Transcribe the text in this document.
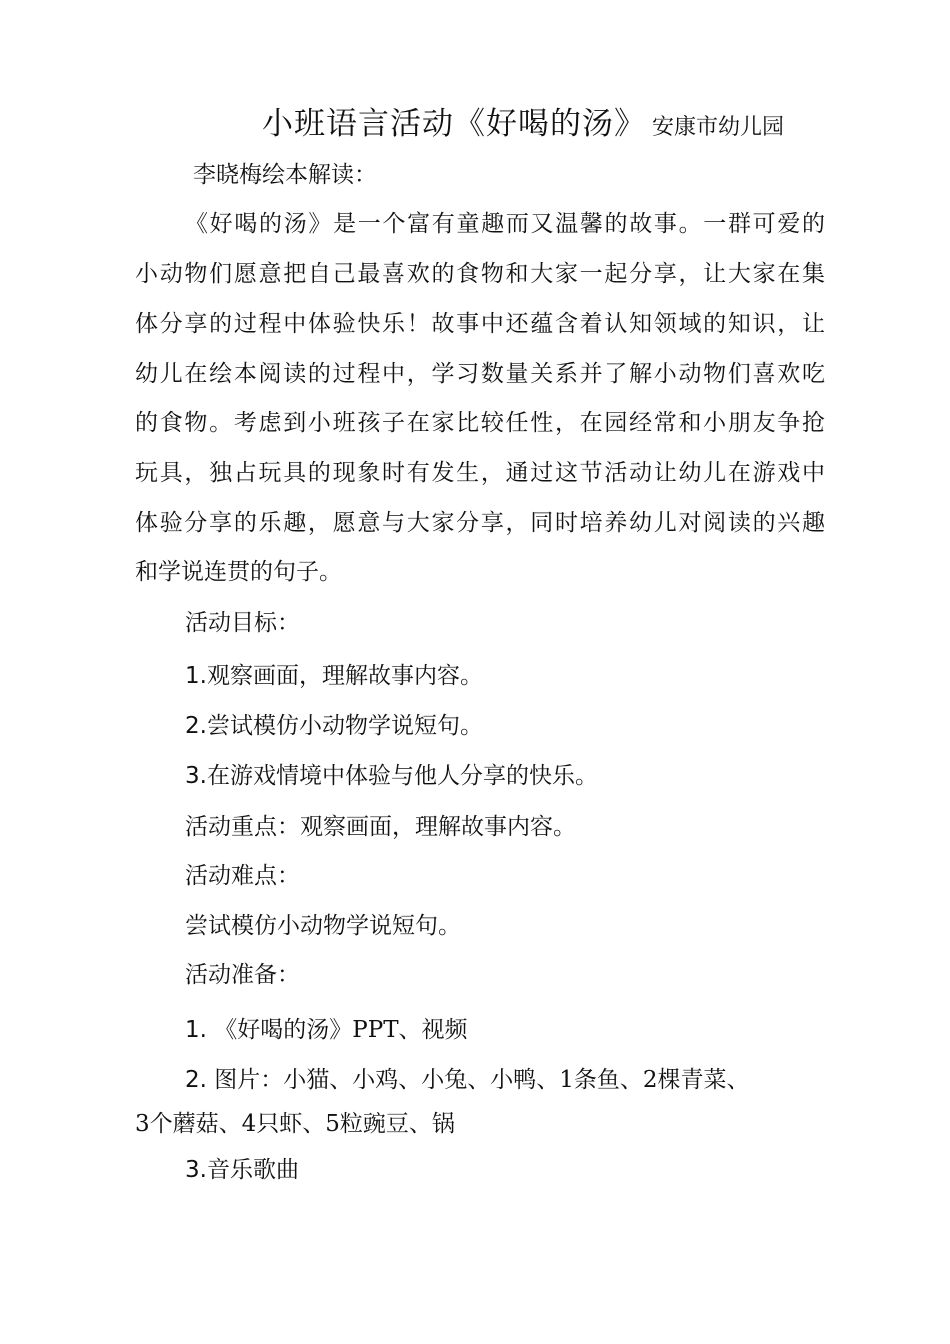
小班语言活动《好喝的汤》 安康市幼儿园
李晓梅绘本解读：
《好喝的汤》是一个富有童趣而又温馨的故事。一群可爱的
小动物们愿意把自己最喜欢的食物和大家一起分享，让大家在集
体分享的过程中体验快乐！故事中还蕴含着认知领域的知识，让
幼儿在绘本阅读的过程中，学习数量关系并了解小动物们喜欢吃
的食物。考虑到小班孩子在家比较任性，在园经常和小朋友争抢
玩具，独占玩具的现象时有发生，通过这节活动让幼儿在游戏中
体验分享的乐趣，愿意与大家分享，同时培养幼儿对阅读的兴趣
和学说连贯的句子。
活动目标：
1.观察画面，理解故事内容。
2.尝试模仿小动物学说短句。
3.在游戏情境中体验与他人分享的快乐。
活动重点：观察画面，理解故事内容。
活动难点：
尝试模仿小动物学说短句。
活动准备：
1. 《好喝的汤》PPT、视频
2. 图片：小猫、小鸡、小兔、小鸭、1条鱼、2棵青菜、
3个蘑菇、4只虾、5粒豌豆、锅
3.音乐歌曲
